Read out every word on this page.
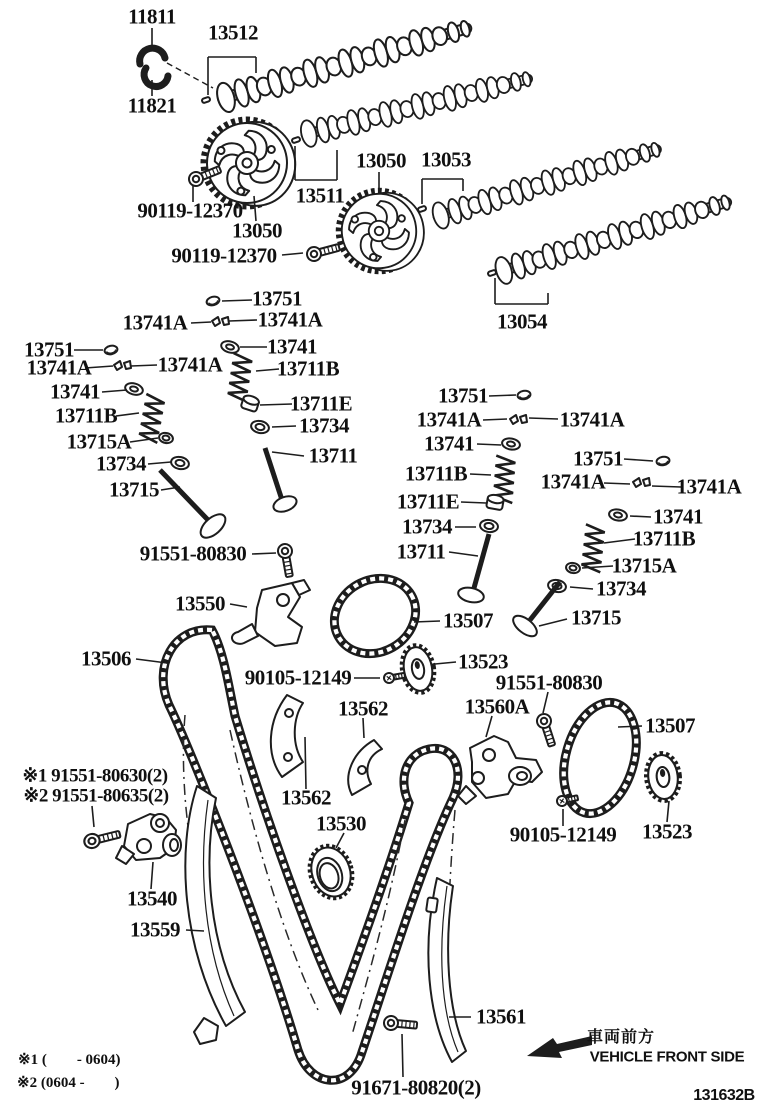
11811
13512
11821
90119-12370
13050
13511
13050 13053
90119-12370
13054
13751
13741A	13741A
13751
13741A	13741A
13741
13711B
13715A
13734
13715
13741
13711B
13711E
13734
13711
13751
13741A	13741A
13741
13711B
13711E
13734
13711
13751
13741A	13741A
13741
13711B
13715A
13734
13715
13507
91551-80830
13550
13506
90105-12149
13523
13562
91551-80830
13560A
13507
13562
13530	90105-12149 13523
※1 91551-80630(2)
※2 91551-80635(2)
13540
13559
13561
91671-80820(2)
※1 (        - 0604)
※2 (0604 -        )
車両前方
VEHICLE FRONT SIDE
131632B
